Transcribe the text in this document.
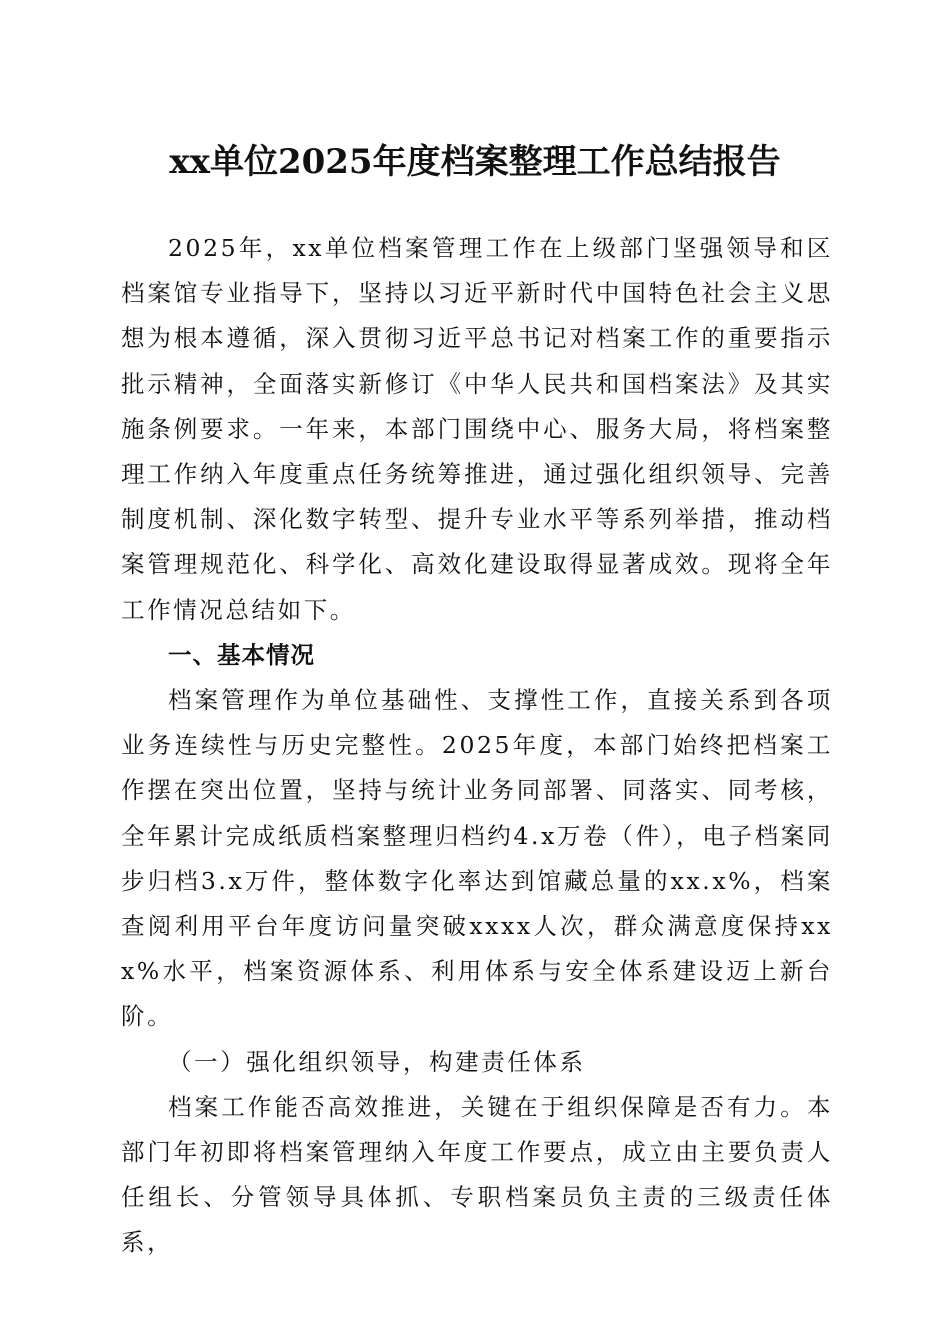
xx单位2025年度档案整理工作总结报告

2025年，xx单位档案管理工作在上级部门坚强领导和区档案馆专业指导下，坚持以习近平新时代中国特色社会主义思想为根本遵循，深入贯彻习近平总书记对档案工作的重要指示批示精神，全面落实新修订《中华人民共和国档案法》及其实施条例要求。一年来，本部门围绕中心、服务大局，将档案整理工作纳入年度重点任务统筹推进，通过强化组织领导、完善制度机制、深化数字转型、提升专业水平等系列举措，推动档案管理规范化、科学化、高效化建设取得显著成效。现将全年工作情况总结如下。

一、基本情况

档案管理作为单位基础性、支撑性工作，直接关系到各项业务连续性与历史完整性。2025年度，本部门始终把档案工作摆在突出位置，坚持与统计业务同部署、同落实、同考核，全年累计完成纸质档案整理归档约4.x万卷（件），电子档案同步归档3.x万件，整体数字化率达到馆藏总量的xx.x%，档案查阅利用平台年度访问量突破xxxx人次，群众满意度保持xxx%水平，档案资源体系、利用体系与安全体系建设迈上新台阶。

（一）强化组织领导，构建责任体系

档案工作能否高效推进，关键在于组织保障是否有力。本部门年初即将档案管理纳入年度工作要点，成立由主要负责人任组长、分管领导具体抓、专职档案员负主责的三级责任体系，
